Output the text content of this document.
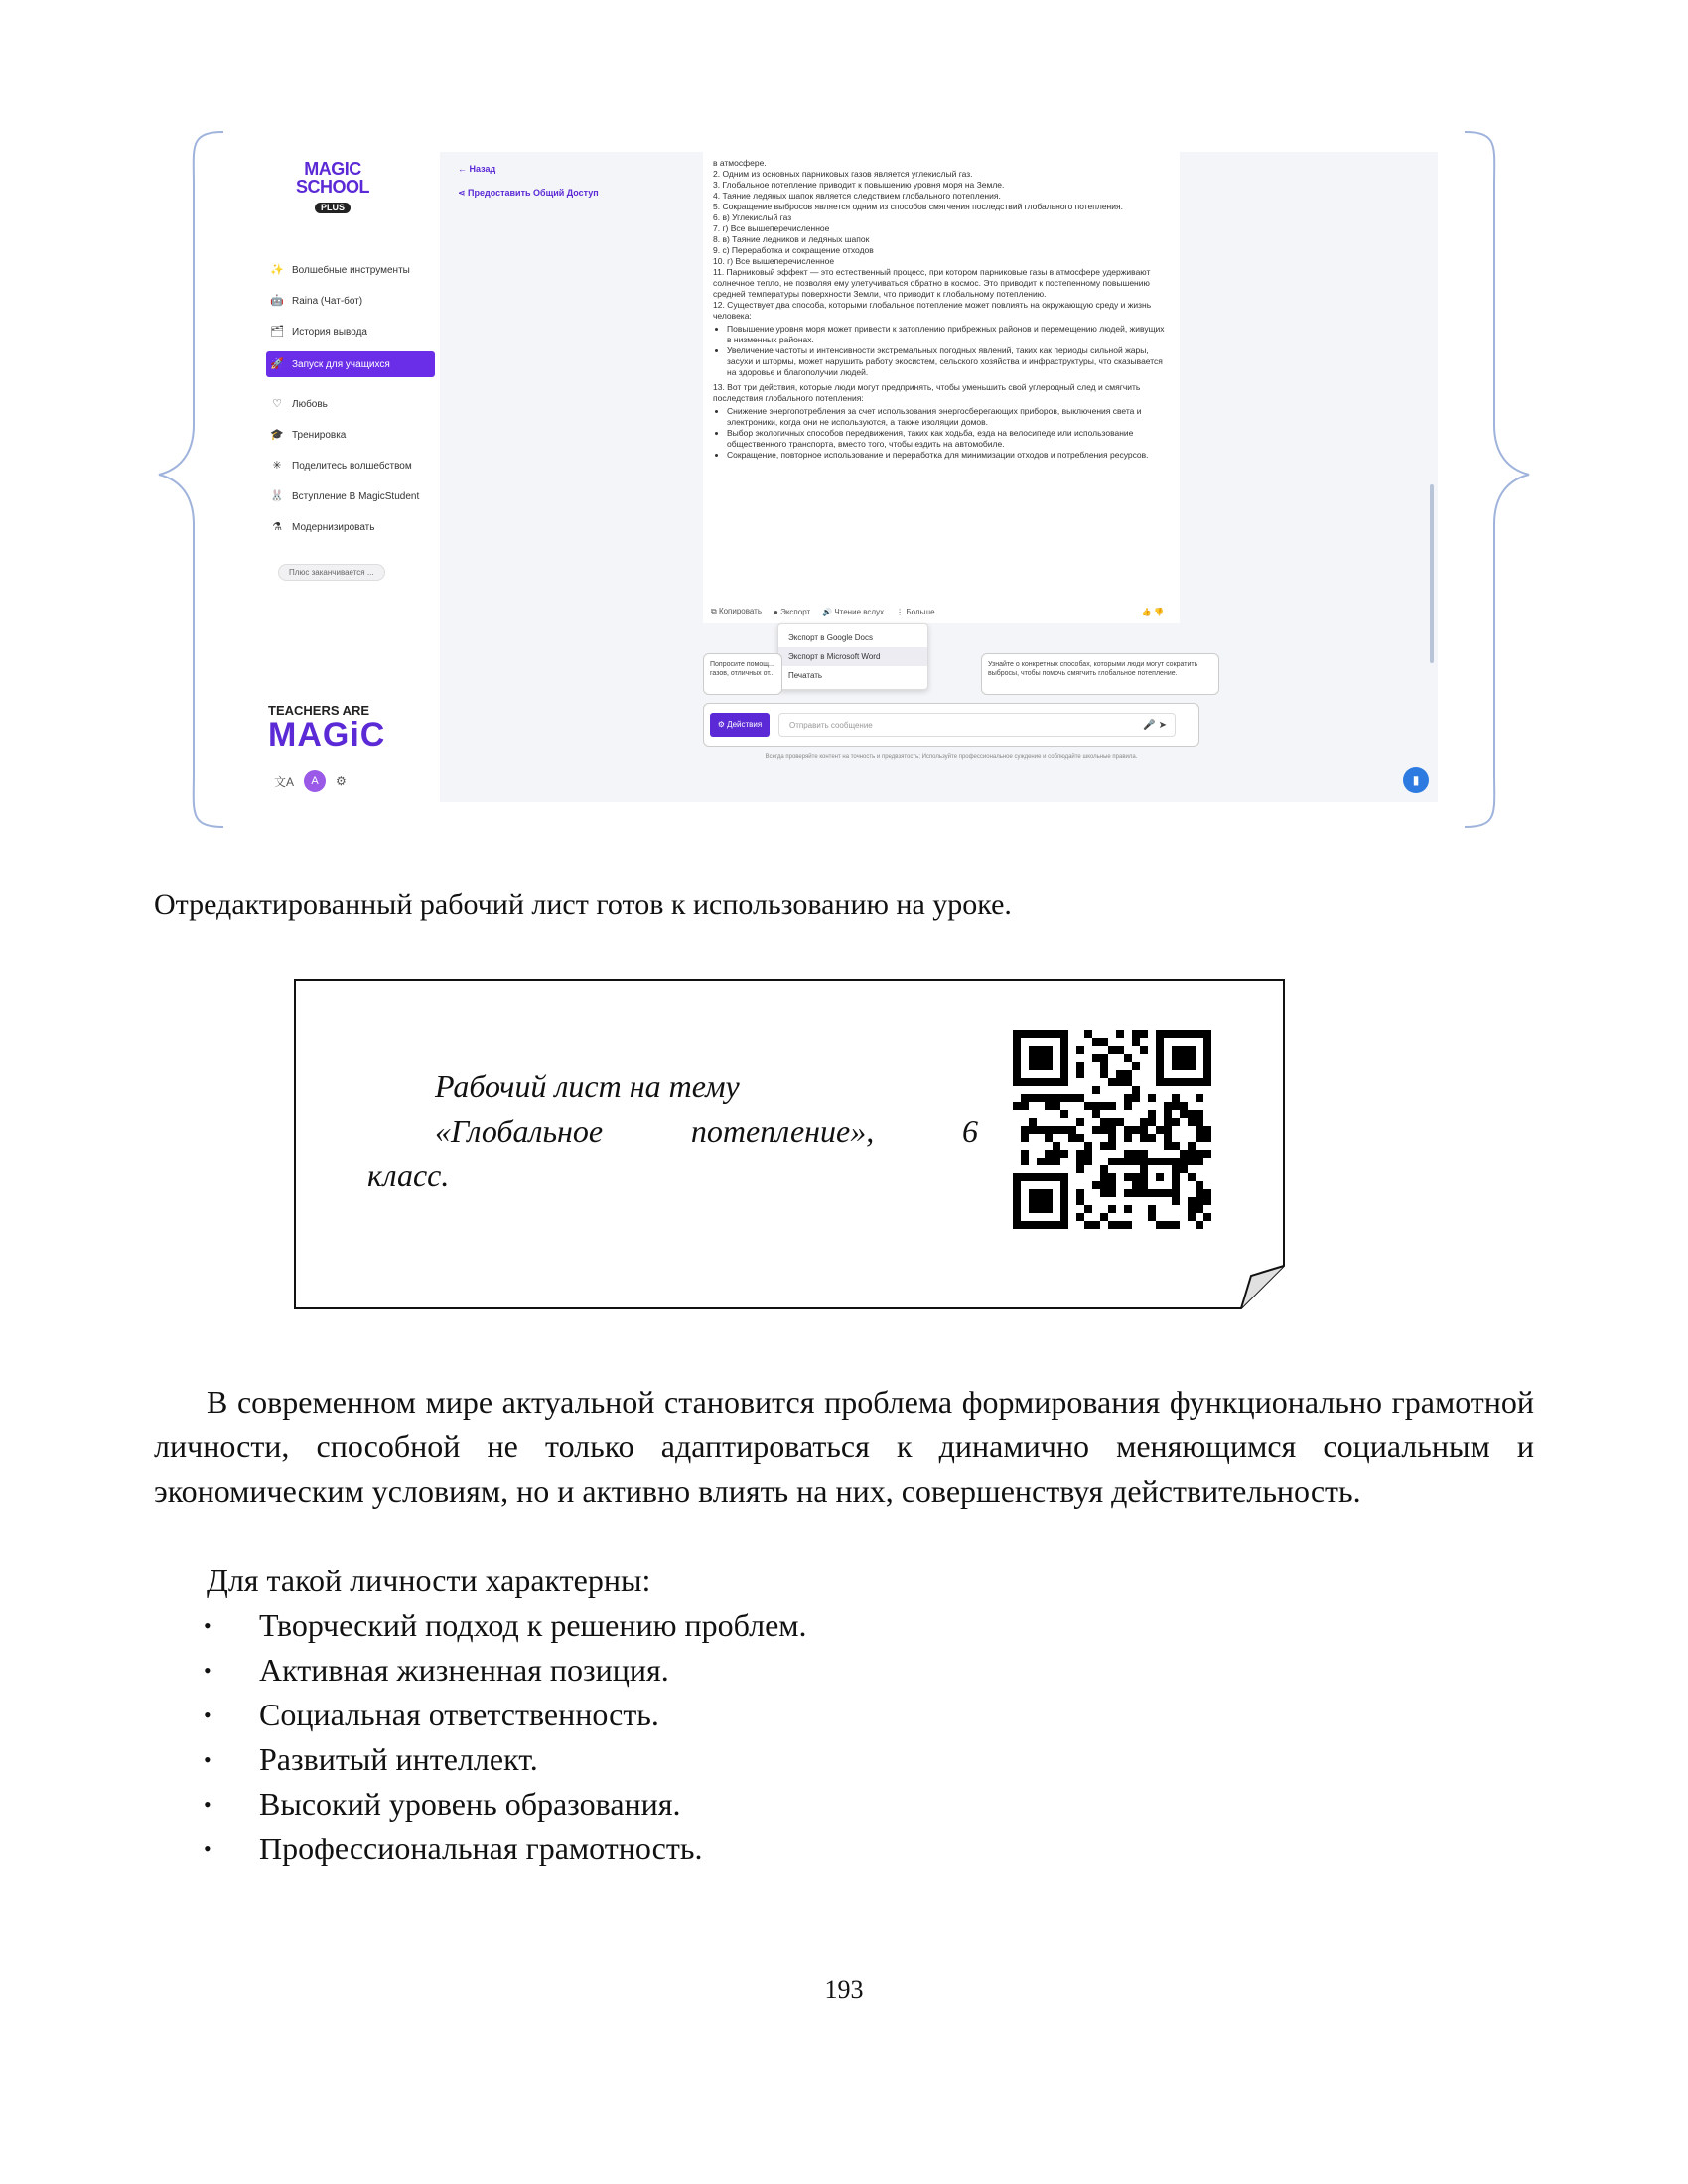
MAGIC
SCHOOL
PLUS
✨ Волшебные инструменты
🤖 Raina (Чат-бот)
🗂 История вывода
🚀 Запуск для учащихся
♡ Любовь
🎓 Тренировка
✳ Поделитесь волшебством
🐰 Вступление В MagicStudent
⚗ Модернизировать
Плюс заканчивается ...
TEACHERS ARE
MAGiC
文A	A	⚙
← Назад
⋖ Предоставить Общий Доступ
в атмосфере.
2. Одним из основных парниковых газов является углекислый газ.
3. Глобальное потепление приводит к повышению уровня моря на Земле.
4. Таяние ледяных шапок является следствием глобального потепления.
5. Сокращение выбросов является одним из способов смягчения последствий глобального потепления.
6. в) Углекислый газ
7. г) Все вышеперечисленное
8. в) Таяние ледников и ледяных шапок
9. с) Переработка и сокращение отходов
10. г) Все вышеперечисленное
11. Парниковый эффект — это естественный процесс, при котором парниковые газы в атмосфере удерживают солнечное тепло, не позволяя ему улетучиваться обратно в космос. Это приводит к постепенному повышению средней температуры поверхности Земли, что приводит к глобальному потеплению.
12. Существует два способа, которыми глобальное потепление может повлиять на окружающую среду и жизнь человека:
• Повышение уровня моря может привести к затоплению прибрежных районов и перемещению людей, живущих в низменных районах.
• Увеличение частоты и интенсивности экстремальных погодных явлений, таких как периоды сильной жары, засухи и штормы, может нарушить работу экосистем, сельского хозяйства и инфраструктуры, что сказывается на здоровье и благополучии людей.
13. Вот три действия, которые люди могут предпринять, чтобы уменьшить свой углеродный след и смягчить последствия глобального потепления:
• Снижение энергопотребления за счет использования энергосберегающих приборов, выключения света и электроники, когда они не используются, а также изоляции домов.
• Выбор экологичных способов передвижения, таких как ходьба, езда на велосипеде или использование общественного транспорта, вместо того, чтобы ездить на автомобиле.
• Сокращение, повторное использование и переработка для минимизации отходов и потребления ресурсов.
⧉ Копировать ● Экспорт 🔊 Чтение вслух ⋮ Больше	👍 👎
Экспорт в Google Docs
Экспорт в Microsoft Word
Печатать
Попросите помощ... газов, отличных от...
Узнайте о конкретных способах, которыми люди могут сократить выбросы, чтобы помочь смягчить глобальное потепление.
⚙ Действия	Отправить сообщение	🎤 ➤
Всегда проверяйте контент на точность и предвзятость; Используйте профессиональное суждение и соблюдайте школьные правила.
▮
Отредактированный рабочий лист готов к использованию на уроке.
Рабочий лист на тему
«Глобальное	потепление»,	6
класс.

В современном мире актуальной становится проблема формирования функционально грамотной личности, способной не только адаптироваться к динамично меняющимся социальным и экономическим условиям, но и активно влиять на них, совершенствуя действительность.

Для такой личности характерны:
• Творческий подход к решению проблем.
• Активная жизненная позиция.
• Социальная ответственность.
• Развитый интеллект.
• Высокий уровень образования.
• Профессиональная грамотность.
193
